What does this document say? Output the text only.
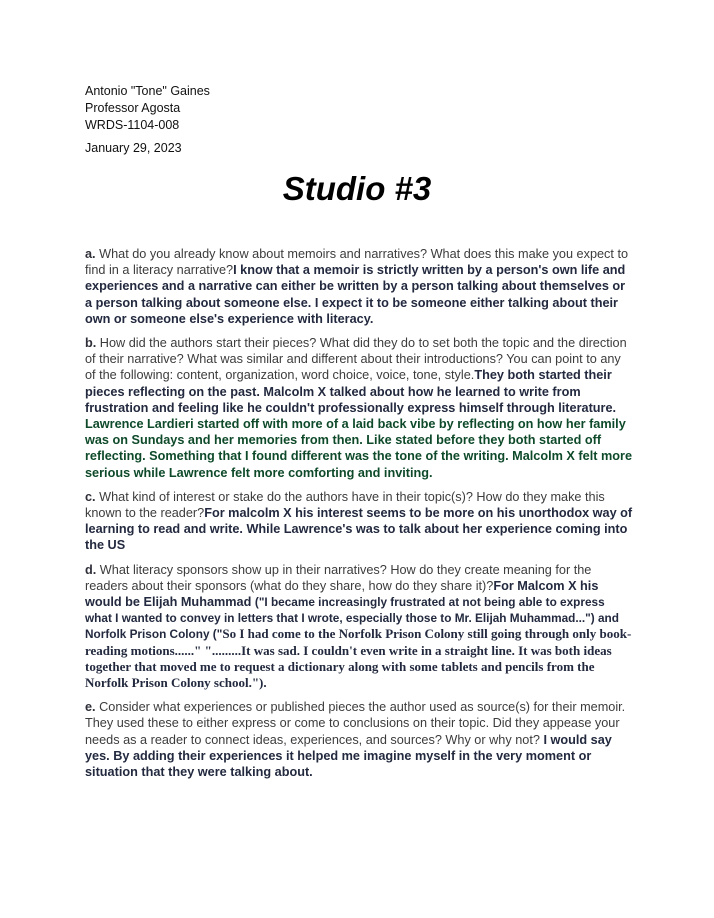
Antonio "Tone" Gaines
Professor Agosta
WRDS-1104-008
January 29, 2023
Studio #3

a. What do you already know about memoirs and narratives? What does this make you expect to find in a literacy narrative?I know that a memoir is strictly written by a person's own life and experiences and a narrative can either be written by a person talking about themselves or a person talking about someone else. I expect it to be someone either talking about their own or someone else's experience with literacy.

b. How did the authors start their pieces? What did they do to set both the topic and the direction of their narrative? What was similar and different about their introductions? You can point to any of the following: content, organization, word choice, voice, tone, style.They both started their pieces reflecting on the past. Malcolm X talked about how he learned to write from frustration and feeling like he couldn't professionally express himself through literature. Lawrence Lardieri started off with more of a laid back vibe by reflecting on how her family was on Sundays and her memories from then. Like stated before they both started off reflecting. Something that I found different was the tone of the writing. Malcolm X felt more serious while Lawrence felt more comforting and inviting.

c. What kind of interest or stake do the authors have in their topic(s)? How do they make this known to the reader?For malcolm X his interest seems to be more on his unorthodox way of learning to read and write. While Lawrence's was to talk about her experience coming into the US

d. What literacy sponsors show up in their narratives? How do they create meaning for the readers about their sponsors (what do they share, how do they share it)?For Malcom X his would be Elijah Muhammad ("I became increasingly frustrated at not being able to express what I wanted to convey in letters that I wrote, especially those to Mr. Elijah Muhammad...") and Norfolk Prison Colony ("So I had come to the Norfolk Prison Colony still going through only book-reading motions......" ".........It was sad. I couldn't even write in a straight line. It was both ideas together that moved me to request a dictionary along with some tablets and pencils from the Norfolk Prison Colony school.").

e. Consider what experiences or published pieces the author used as source(s) for their memoir. They used these to either express or come to conclusions on their topic. Did they appease your needs as a reader to connect ideas, experiences, and sources? Why or why not? I would say yes. By adding their experiences it helped me imagine myself in the very moment or situation that they were talking about.
